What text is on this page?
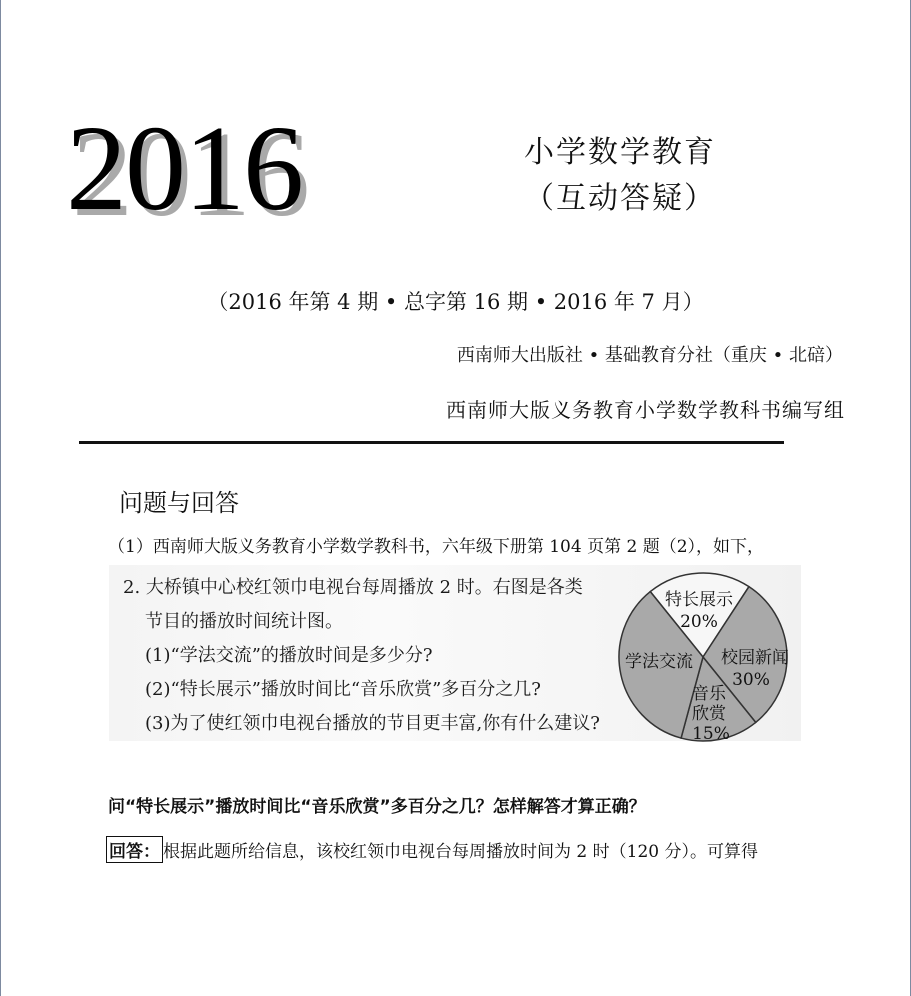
2016	小学数学教育
（互动答疑）
（2016 年第 4 期 • 总字第 16 期 • 2016 年 7 月）
西南师大出版社 • 基础教育分社（重庆 • 北碚）
西南师大版义务教育小学数学教科书编写组
问题与回答
（1）西南师大版义务教育小学数学教科书，六年级下册第 104 页第 2 题（2），如下，
2. 大桥镇中心校红领巾电视台每周播放 2 时。右图是各类
节目的播放时间统计图。
(1)“学法交流”的播放时间是多少分?
(2)“特长展示”播放时间比“音乐欣赏”多百分之几?
(3)为了使红领巾电视台播放的节目更丰富,你有什么建议?
特长展示
20%
校园新闻
30%
音乐
欣赏
15%
学法交流
问“特长展示”播放时间比“音乐欣赏”多百分之几？怎样解答才算正确？
回答： 根据此题所给信息，该校红领巾电视台每周播放时间为 2 时（120 分）。可算得
